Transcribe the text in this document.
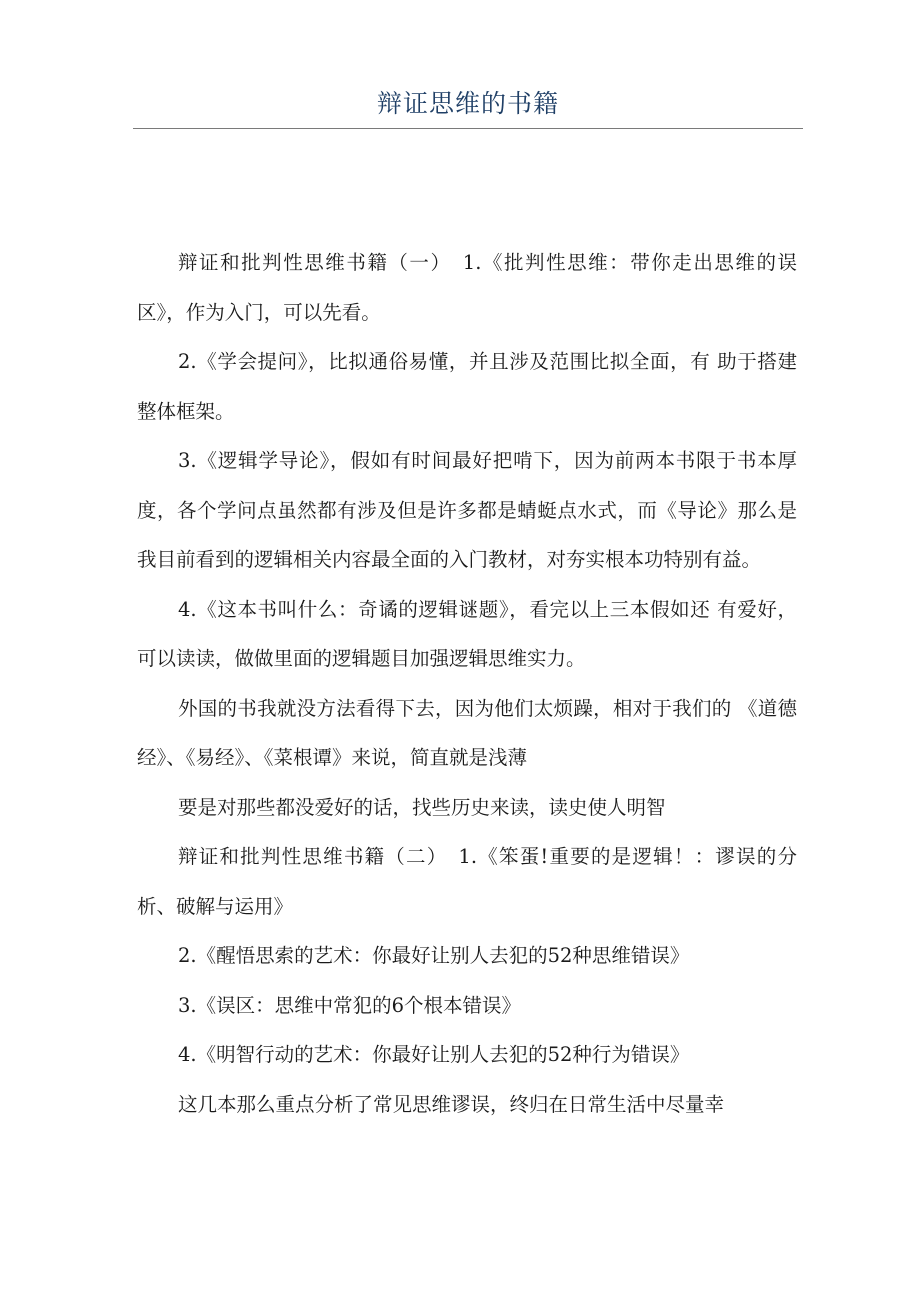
辩证思维的书籍

辩证和批判性思维书籍（一）　1.《批判性思维：带你走出思维的误区》，作为入门，可以先看。

2.《学会提问》，比拟通俗易懂，并且涉及范围比拟全面，有 助于搭建整体框架。

3.《逻辑学导论》，假如有时间最好把啃下，因为前两本书限于书本厚度，各个学问点虽然都有涉及但是许多都是蜻蜓点水式，而《导论》那么是我目前看到的逻辑相关内容最全面的入门教材，对夯实根本功特别有益。

4.《这本书叫什么：奇谲的逻辑谜题》，看完以上三本假如还 有爱好，可以读读，做做里面的逻辑题目加强逻辑思维实力。

外国的书我就没方法看得下去，因为他们太烦躁，相对于我们的 《道德经》、《易经》、《菜根谭》来说，简直就是浅薄

要是对那些都没爱好的话，找些历史来读，读史使人明智

辩证和批判性思维书籍（二）　1.《笨蛋!重要的是逻辑！：谬误的分析、破解与运用》

2.《醒悟思索的艺术：你最好让别人去犯的52种思维错误》

3.《误区：思维中常犯的6个根本错误》

4.《明智行动的艺术：你最好让别人去犯的52种行为错误》

这几本那么重点分析了常见思维谬误，终归在日常生活中尽量幸
